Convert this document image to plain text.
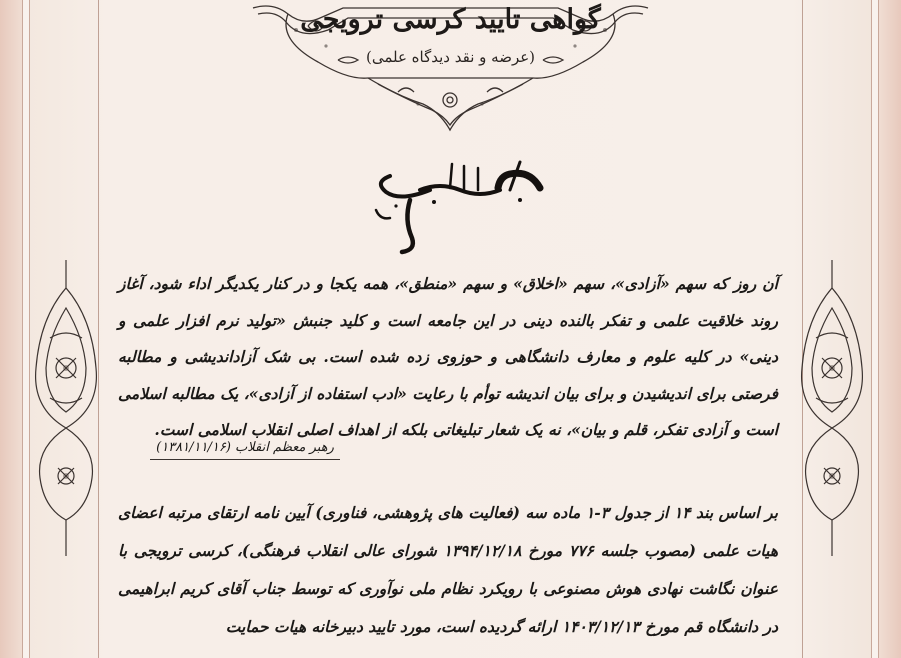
گواهی تایید کرسی ترویجی
(عرضه و نقد دیدگاه علمی)
آن روز که سهم «آزادی»، سهم «اخلاق» و سهم «منطق»، همه یکجا و در کنار یکدیگر اداء شود، آغاز روند خلاقیت علمی و تفکر بالنده دینی در این جامعه است و کلید جنبش «تولید نرم افزار علمی و دینی» در کلیه علوم و معارف دانشگاهی و حوزوی زده شده است. بی شک آزاد‌اندیشی و مطالبه فرصتی برای اندیشیدن و برای بیان اندیشه توأم با رعایت «ادب استفاده از آزادی»، یک مطالبه اسلامی است و آزادی تفکر، قلم و بیان»، نه یک شعار تبلیغاتی بلکه از اهداف اصلی انقلاب اسلامی است.
رهبر معظم انقلاب (۱۳۸۱/۱۱/۱۶)
بر اساس بند ۱۴ از جدول ۳-۱ ماده سه (فعالیت های پژوهشی، فناوری) آیین نامه ارتقای مرتبه اعضای هیات علمی (مصوب جلسه ۷۷۶ مورخ ۱۳۹۴/۱۲/۱۸ شورای عالی انقلاب فرهنگی)، کرسی ترویجی با عنوان نگاشت نهادی هوش مصنوعی با رویکرد نظام ملی نوآوری که توسط جناب آقای کریم ابراهیمی در دانشگاه قم مورخ ۱۴۰۳/۱۲/۱۳ ارائه گردیده است، مورد تایید دبیرخانه هیات حمایت
